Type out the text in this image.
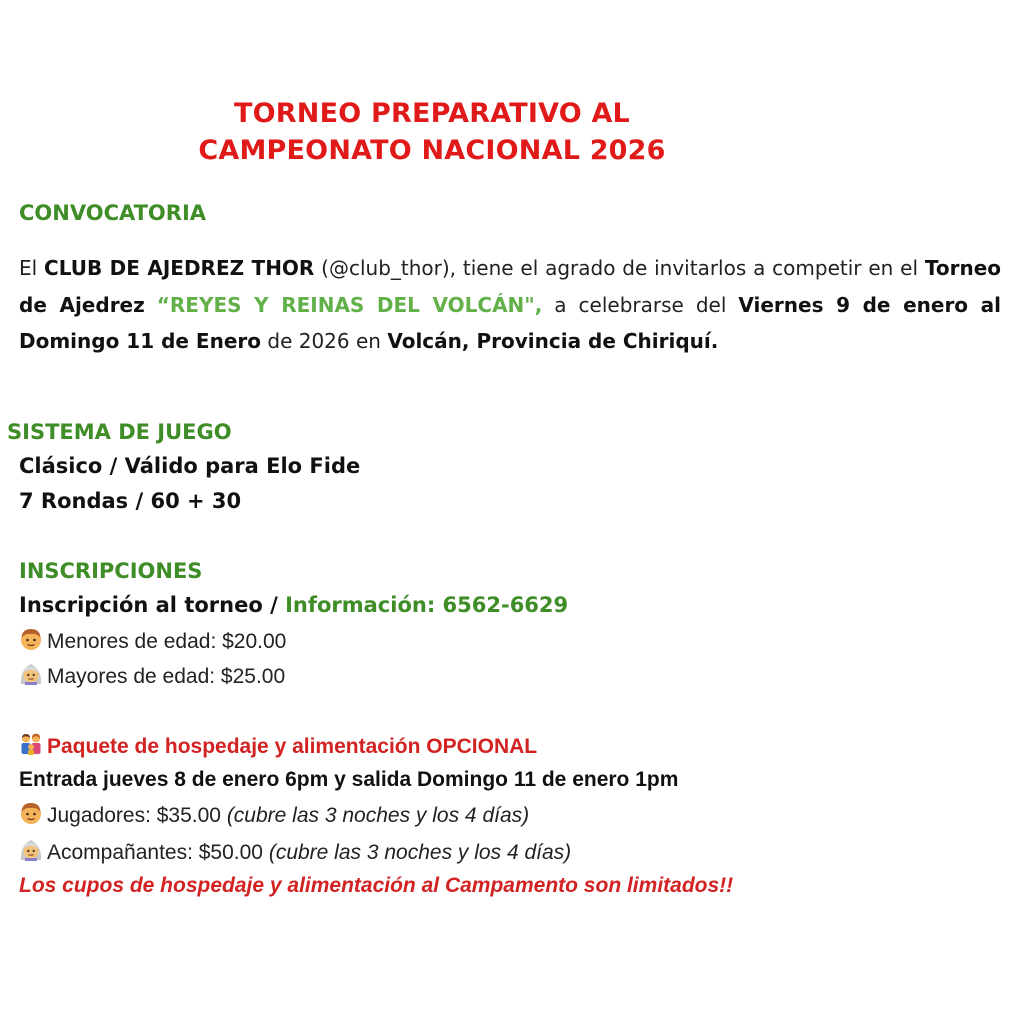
TORNEO PREPARATIVO AL
CAMPEONATO NACIONAL 2026
CONVOCATORIA
El CLUB DE AJEDREZ THOR (@club_thor), tiene el agrado de invitarlos a competir en el Torneo de Ajedrez “REYES Y REINAS DEL VOLCÁN", a celebrarse del Viernes 9 de enero al Domingo 11 de Enero de 2026 en Volcán, Provincia de Chiriquí.
SISTEMA DE JUEGO
Clásico / Válido para Elo Fide
7 Rondas / 60 + 30
INSCRIPCIONES
Inscripción al torneo / Información: 6562-6629
Menores de edad: $20.00
Mayores de edad: $25.00
Paquete de hospedaje y alimentación OPCIONAL
Entrada jueves 8 de enero 6pm y salida Domingo 11 de enero 1pm
Jugadores: $35.00 (cubre las 3 noches y los 4 días)
Acompañantes: $50.00 (cubre las 3 noches y los 4 días)
Los cupos de hospedaje y alimentación al Campamento son limitados!!
